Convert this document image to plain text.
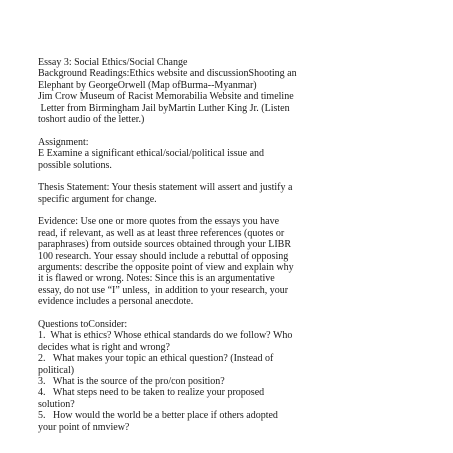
Essay 3: Social Ethics/Social Change
Background Readings:Ethics website and discussionShooting an
Elephant by GeorgeOrwell (Map ofBurma--Myanmar)
Jim Crow Museum of Racist Memorabilia Website and timeline
Letter from Birmingham Jail byMartin Luther King Jr. (Listen
toshort audio of the letter.)
Assignment:
E Examine a significant ethical/social/political issue and
possible solutions.
Thesis Statement: Your thesis statement will assert and justify a
specific argument for change.
Evidence: Use one or more quotes from the essays you have
read, if relevant, as well as at least three references (quotes or
paraphrases) from outside sources obtained through your LIBR
100 research. Your essay should include a rebuttal of opposing
arguments: describe the opposite point of view and explain why
it is flawed or wrong. Notes: Since this is an argumentative
essay, do not use “I” unless,  in addition to your research, your
evidence includes a personal anecdote.
Questions toConsider:
1.  What is ethics? Whose ethical standards do we follow? Who
decides what is right and wrong?
2.   What makes your topic an ethical question? (Instead of
political)
3.   What is the source of the pro/con position?
4.   What steps need to be taken to realize your proposed
solution?
5.   How would the world be a better place if others adopted
your point of nmview?
